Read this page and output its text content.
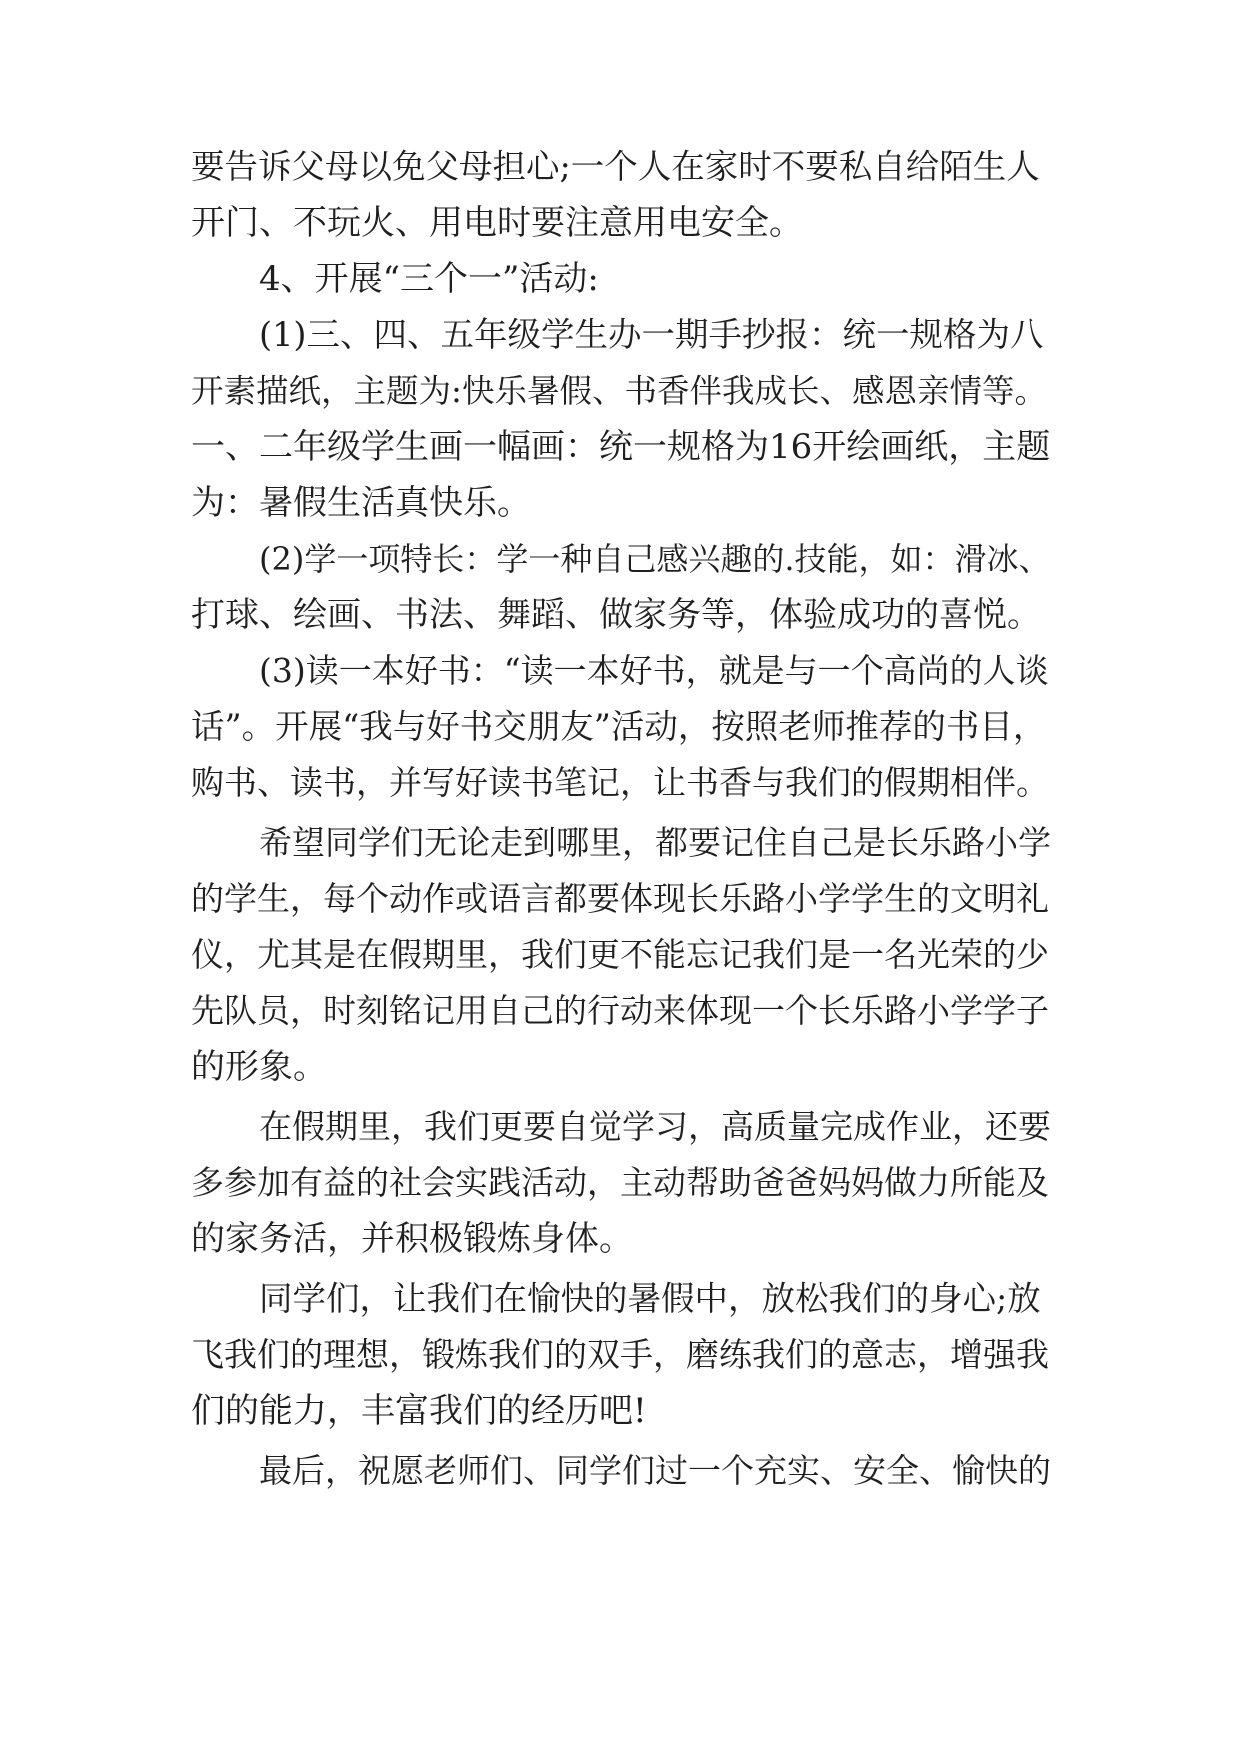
要告诉父母以免父母担心;一个人在家时不要私自给陌生人
开门、不玩火、用电时要注意用电安全。
4、开展“三个一”活动:
(1)三、四、五年级学生办一期手抄报：统一规格为八
开素描纸，主题为:快乐暑假、书香伴我成长、感恩亲情等。
一、二年级学生画一幅画：统一规格为16开绘画纸，主题
为：暑假生活真快乐。
(2)学一项特长：学一种自己感兴趣的.技能，如：滑冰、
打球、绘画、书法、舞蹈、做家务等，体验成功的喜悦。
(3)读一本好书：“读一本好书，就是与一个高尚的人谈
话”。开展“我与好书交朋友”活动，按照老师推荐的书目，
购书、读书，并写好读书笔记，让书香与我们的假期相伴。
希望同学们无论走到哪里，都要记住自己是长乐路小学
的学生，每个动作或语言都要体现长乐路小学学生的文明礼
仪，尤其是在假期里，我们更不能忘记我们是一名光荣的少
先队员，时刻铭记用自己的行动来体现一个长乐路小学学子
的形象。
在假期里，我们更要自觉学习，高质量完成作业，还要
多参加有益的社会实践活动，主动帮助爸爸妈妈做力所能及
的家务活，并积极锻炼身体。
同学们，让我们在愉快的暑假中，放松我们的身心;放
飞我们的理想，锻炼我们的双手，磨练我们的意志，增强我
们的能力，丰富我们的经历吧!
最后，祝愿老师们、同学们过一个充实、安全、愉快的
